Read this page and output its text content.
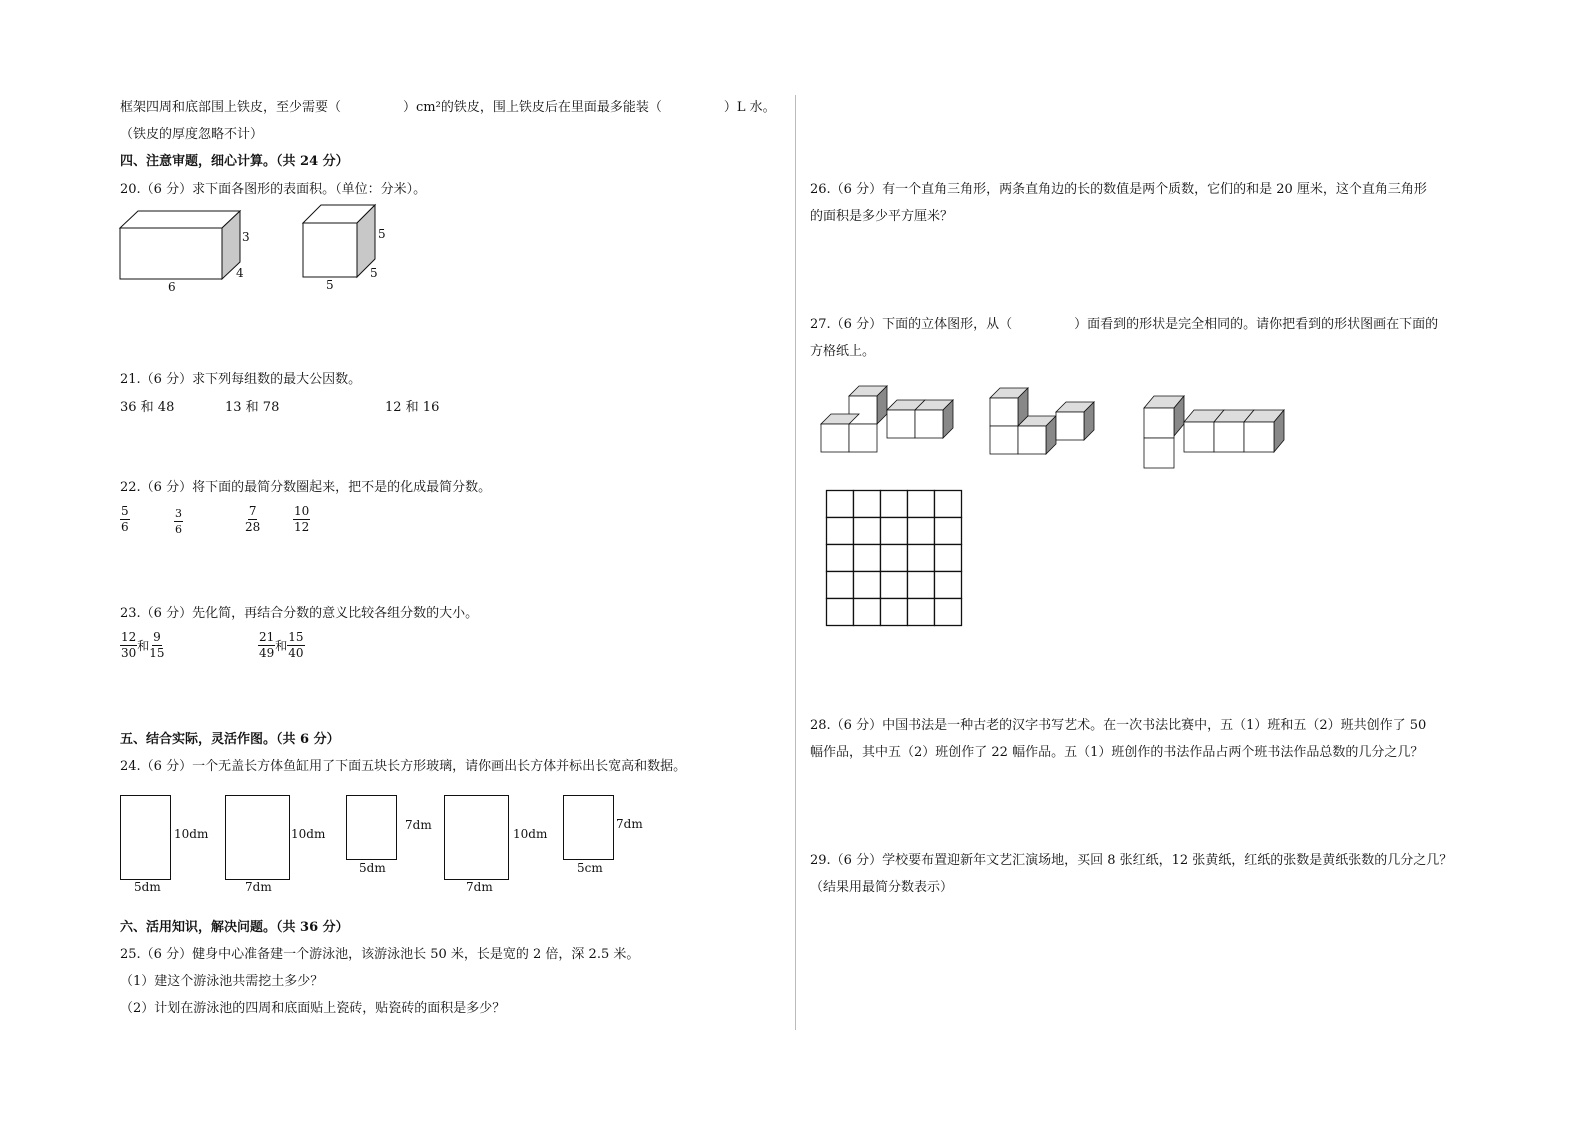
框架四周和底部围上铁皮，至少需要（	）cm²的铁皮，围上铁皮后在里面最多能装（	）L 水。
（铁皮的厚度忽略不计）
四、注意审题，细心计算。（共 24 分）
20.（6 分）求下面各图形的表面积。（单位：分米）。
6
3
4
5
5
5
21.（6 分）求下列每组数的最大公因数。
36 和 48	13 和 78	12 和 16
22.（6 分）将下面的最简分数圈起来，把不是的化成最简分数。
$\frac{5}{6}$	$\frac{3}{6}$	$\frac{7}{28}$	$\frac{10}{12}$
23.（6 分）先化简，再结合分数的意义比较各组分数的大小。
$\frac{12}{30}$ 和 $\frac{9}{15}$	$\frac{21}{49}$ 和 $\frac{15}{40}$
五、结合实际，灵活作图。（共 6 分）
24.（6 分）一个无盖长方体鱼缸用了下面五块长方形玻璃，请你画出长方体并标出长宽高和数据。
5dm
10dm
7dm
10dm
5dm
7dm
7dm
10dm
5cm
7dm
六、活用知识，解决问题。（共 36 分）
25.（6 分）健身中心准备建一个游泳池，该游泳池长 50 米，长是宽的 2 倍，深 2.5 米。
（1）建这个游泳池共需挖土多少？
（2）计划在游泳池的四周和底面贴上瓷砖，贴瓷砖的面积是多少？
26.（6 分）有一个直角三角形，两条直角边的长的数值是两个质数，它们的和是 20 厘米，这个直角三角形
的面积是多少平方厘米？
27.（6 分）下面的立体图形，从（	）面看到的形状是完全相同的。请你把看到的形状图画在下面的
方格纸上。
28.（6 分）中国书法是一种古老的汉字书写艺术。在一次书法比赛中，五（1）班和五（2）班共创作了 50
幅作品，其中五（2）班创作了 22 幅作品。五（1）班创作的书法作品占两个班书法作品总数的几分之几？
29.（6 分）学校要布置迎新年文艺汇演场地，买回 8 张红纸，12 张黄纸，红纸的张数是黄纸张数的几分之几？
（结果用最简分数表示）
